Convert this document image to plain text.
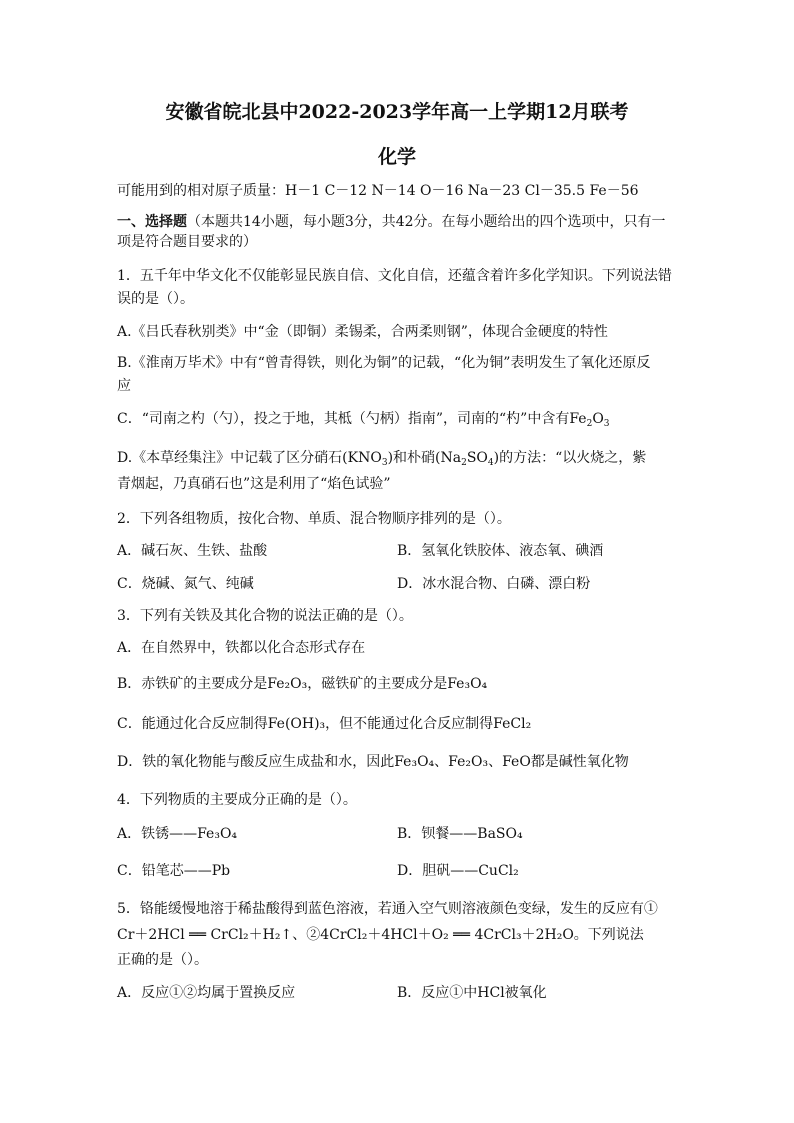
安徽省皖北县中2022-2023学年高一上学期12月联考
化学
可能用到的相对原子质量：H－1 C－12 N－14 O－16 Na－23 Cl－35.5 Fe－56
一、选择题（本题共14小题，每小题3分，共42分。在每小题给出的四个选项中，只有一项是符合题目要求的）
1．五千年中华文化不仅能彰显民族自信、文化自信，还蕴含着许多化学知识。下列说法错
误的是（）。
A.《吕氏春秋别类》中“金（即铜）柔锡柔，合两柔则钢”，体现合金硬度的特性
B.《淮南万毕术》中有“曾青得铁，则化为铜”的记载，“化为铜”表明发生了氧化还原反
应
C．“司南之杓（勺），投之于地，其柢（勺柄）指南”，司南的“杓”中含有$Fe_2O_3$
D.《本草经集注》中记载了区分硝石$(KNO_3)$和朴硝$(Na_2SO_4)$的方法：“以火烧之，紫
青烟起，乃真硝石也”这是利用了“焰色试验”
2．下列各组物质，按化合物、单质、混合物顺序排列的是（）。
A．碱石灰、生铁、盐酸	B．氢氧化铁胶体、液态氧、碘酒
C．烧碱、氮气、纯碱	D．冰水混合物、白磷、漂白粉
3．下列有关铁及其化合物的说法正确的是（）。
A．在自然界中，铁都以化合态形式存在
B．赤铁矿的主要成分是Fe₂O₃，磁铁矿的主要成分是Fe₃O₄
C．能通过化合反应制得Fe(OH)₃，但不能通过化合反应制得FeCl₂
D．铁的氧化物能与酸反应生成盐和水，因此Fe₃O₄、Fe₂O₃、FeO都是碱性氧化物
4．下列物质的主要成分正确的是（）。
A．铁锈——Fe₃O₄	B．钡餐——BaSO₄
C．铅笔芯——Pb	D．胆矾——CuCl₂
5．铬能缓慢地溶于稀盐酸得到蓝色溶液，若通入空气则溶液颜色变绿，发生的反应有①
Cr＋2HCl ══ CrCl₂＋H₂↑、②4CrCl₂＋4HCl＋O₂ ══ 4CrCl₃＋2H₂O。下列说法
正确的是（）。
A．反应①②均属于置换反应	B．反应①中HCl被氧化
